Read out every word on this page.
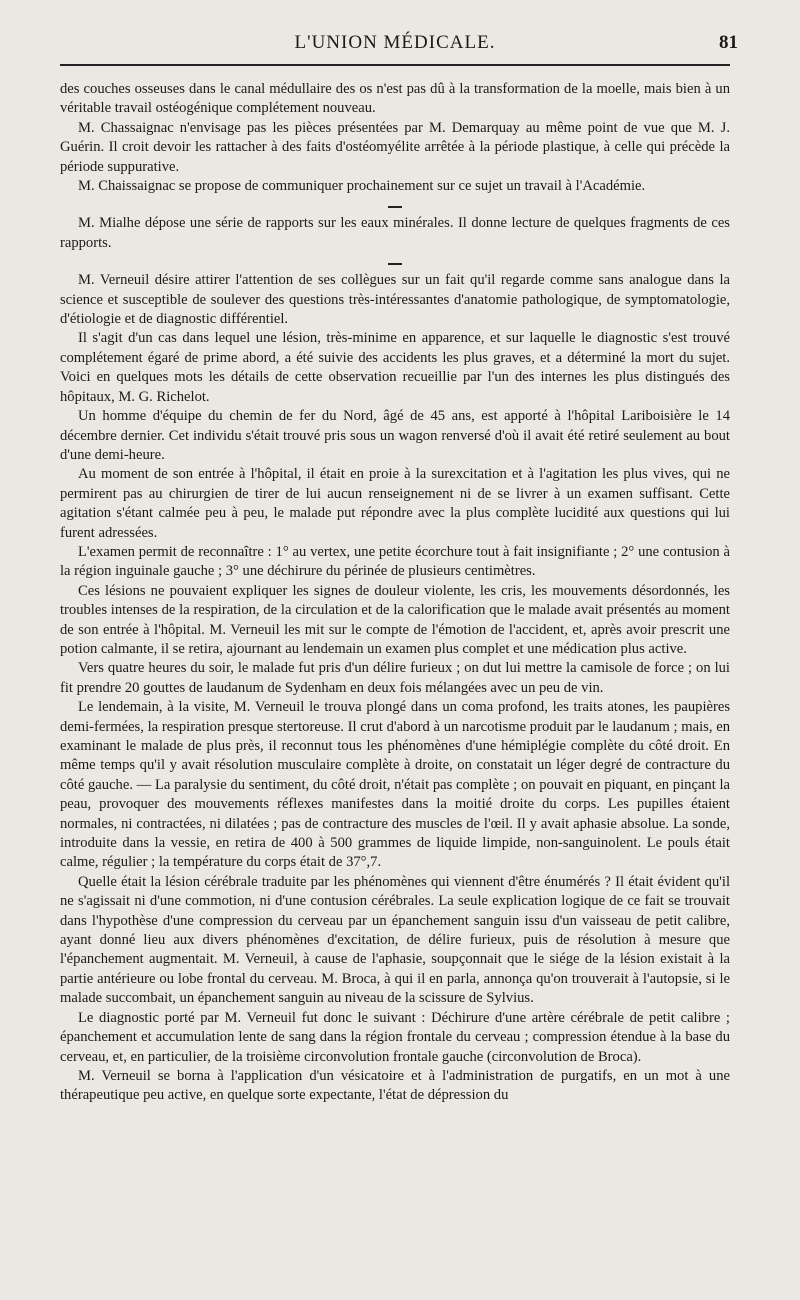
L'UNION MÉDICALE.	81

des couches osseuses dans le canal médullaire des os n'est pas dû à la transformation de la moelle, mais bien à un véritable travail ostéogénique complétement nouveau.

M. Chassaignac n'envisage pas les pièces présentées par M. Demarquay au même point de vue que M. J. Guérin. Il croit devoir les rattacher à des faits d'ostéomyélite arrêtée à la période plastique, à celle qui précède la période suppurative.

M. Chaissaignac se propose de communiquer prochainement sur ce sujet un travail à l'Académie.

M. Mialhe dépose une série de rapports sur les eaux minérales. Il donne lecture de quelques fragments de ces rapports.

M. Verneuil désire attirer l'attention de ses collègues sur un fait qu'il regarde comme sans analogue dans la science et susceptible de soulever des questions très-intéressantes d'anatomie pathologique, de symptomatologie, d'étiologie et de diagnostic différentiel.

Il s'agit d'un cas dans lequel une lésion, très-minime en apparence, et sur laquelle le diagnostic s'est trouvé complétement égaré de prime abord, a été suivie des accidents les plus graves, et a déterminé la mort du sujet. Voici en quelques mots les détails de cette observation recueillie par l'un des internes les plus distingués des hôpitaux, M. G. Richelot.

Un homme d'équipe du chemin de fer du Nord, âgé de 45 ans, est apporté à l'hôpital Lariboisière le 14 décembre dernier. Cet individu s'était trouvé pris sous un wagon renversé d'où il avait été retiré seulement au bout d'une demi-heure.

Au moment de son entrée à l'hôpital, il était en proie à la surexcitation et à l'agitation les plus vives, qui ne permirent pas au chirurgien de tirer de lui aucun renseignement ni de se livrer à un examen suffisant. Cette agitation s'étant calmée peu à peu, le malade put répondre avec la plus complète lucidité aux questions qui lui furent adressées.

L'examen permit de reconnaître : 1° au vertex, une petite écorchure tout à fait insignifiante ; 2° une contusion à la région inguinale gauche ; 3° une déchirure du périnée de plusieurs centimètres.

Ces lésions ne pouvaient expliquer les signes de douleur violente, les cris, les mouvements désordonnés, les troubles intenses de la respiration, de la circulation et de la calorification que le malade avait présentés au moment de son entrée à l'hôpital. M. Verneuil les mit sur le compte de l'émotion de l'accident, et, après avoir prescrit une potion calmante, il se retira, ajournant au lendemain un examen plus complet et une médication plus active.

Vers quatre heures du soir, le malade fut pris d'un délire furieux ; on dut lui mettre la camisole de force ; on lui fit prendre 20 gouttes de laudanum de Sydenham en deux fois mélangées avec un peu de vin.

Le lendemain, à la visite, M. Verneuil le trouva plongé dans un coma profond, les traits atones, les paupières demi-fermées, la respiration presque stertoreuse. Il crut d'abord à un narcotisme produit par le laudanum ; mais, en examinant le malade de plus près, il reconnut tous les phénomènes d'une hémiplégie complète du côté droit. En même temps qu'il y avait résolution musculaire complète à droite, on constatait un léger degré de contracture du côté gauche. — La paralysie du sentiment, du côté droit, n'était pas complète ; on pouvait en piquant, en pinçant la peau, provoquer des mouvements réflexes manifestes dans la moitié droite du corps. Les pupilles étaient normales, ni contractées, ni dilatées ; pas de contracture des muscles de l'œil. Il y avait aphasie absolue. La sonde, introduite dans la vessie, en retira de 400 à 500 grammes de liquide limpide, non-sanguinolent. Le pouls était calme, régulier ; la température du corps était de 37°,7.

Quelle était la lésion cérébrale traduite par les phénomènes qui viennent d'être énumérés ? Il était évident qu'il ne s'agissait ni d'une commotion, ni d'une contusion cérébrales. La seule explication logique de ce fait se trouvait dans l'hypothèse d'une compression du cerveau par un épanchement sanguin issu d'un vaisseau de petit calibre, ayant donné lieu aux divers phénomènes d'excitation, de délire furieux, puis de résolution à mesure que l'épanchement augmentait. M. Verneuil, à cause de l'aphasie, soupçonnait que le siége de la lésion existait à la partie antérieure ou lobe frontal du cerveau. M. Broca, à qui il en parla, annonça qu'on trouverait à l'autopsie, si le malade succombait, un épanchement sanguin au niveau de la scissure de Sylvius.

Le diagnostic porté par M. Verneuil fut donc le suivant : Déchirure d'une artère cérébrale de petit calibre ; épanchement et accumulation lente de sang dans la région frontale du cerveau ; compression étendue à la base du cerveau, et, en particulier, de la troisième circonvolution frontale gauche (circonvolution de Broca).

M. Verneuil se borna à l'application d'un vésicatoire et à l'administration de purgatifs, en un mot à une thérapeutique peu active, en quelque sorte expectante, l'état de dépression du
